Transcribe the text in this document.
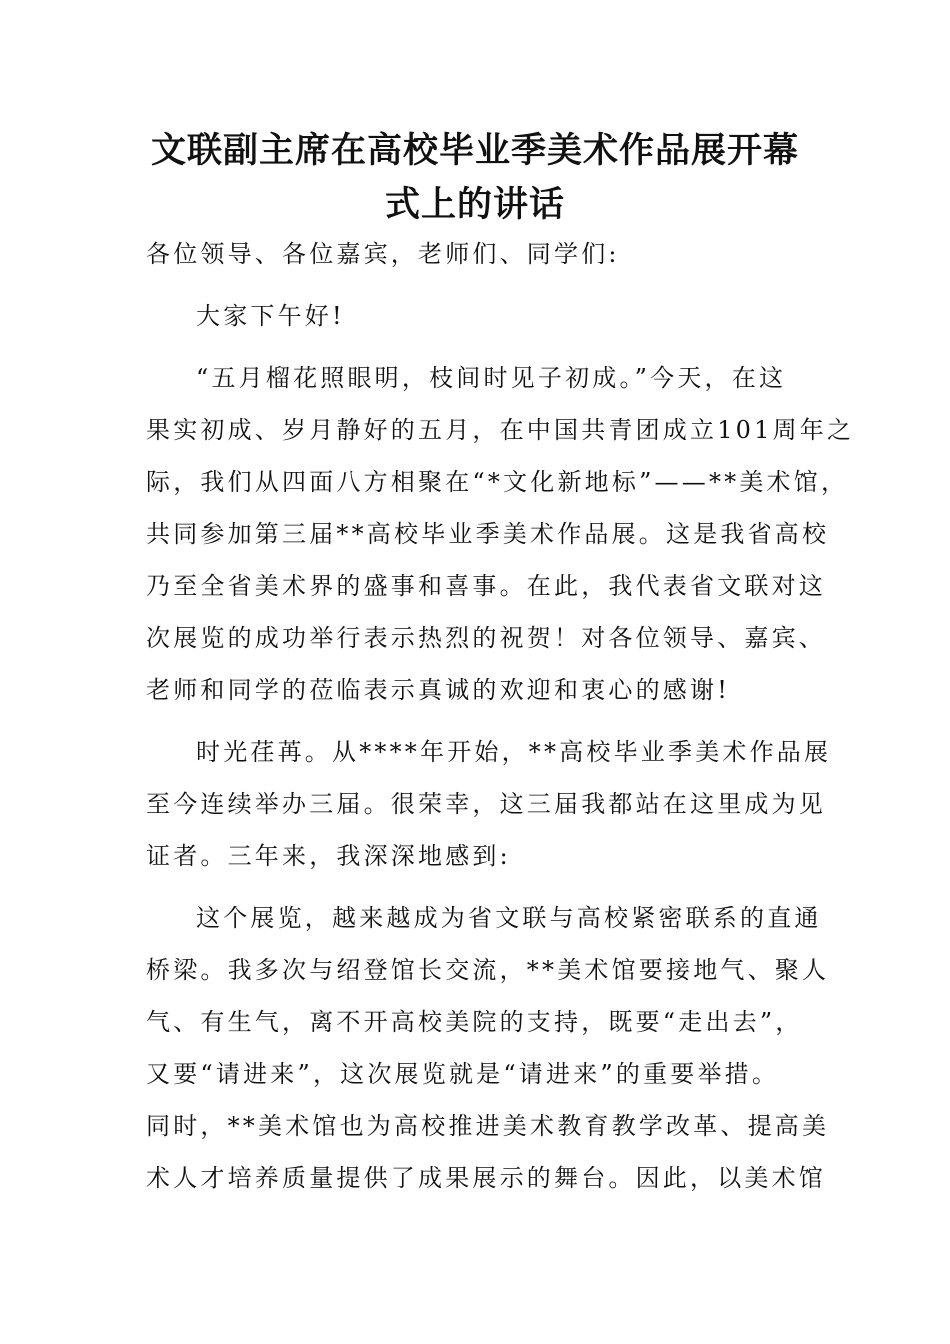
文联副主席在高校毕业季美术作品展开幕
式上的讲话

各位领导、各位嘉宾，老师们、同学们:

大家下午好!

“五月榴花照眼明，枝间时见子初成。”今天，在这
果实初成、岁月静好的五月，在中国共青团成立101周年之
际，我们从四面八方相聚在“*文化新地标”——**美术馆，
共同参加第三届**高校毕业季美术作品展。这是我省高校
乃至全省美术界的盛事和喜事。在此，我代表省文联对这
次展览的成功举行表示热烈的祝贺！对各位领导、嘉宾、
老师和同学的莅临表示真诚的欢迎和衷心的感谢!

时光荏苒。从****年开始，**高校毕业季美术作品展
至今连续举办三届。很荣幸，这三届我都站在这里成为见
证者。三年来，我深深地感到:

这个展览，越来越成为省文联与高校紧密联系的直通
桥梁。我多次与绍登馆长交流，**美术馆要接地气、聚人
气、有生气，离不开高校美院的支持，既要“走出去”，
又要“请进来”，这次展览就是“请进来”的重要举措。
同时，**美术馆也为高校推进美术教育教学改革、提高美
术人才培养质量提供了成果展示的舞台。因此，以美术馆
